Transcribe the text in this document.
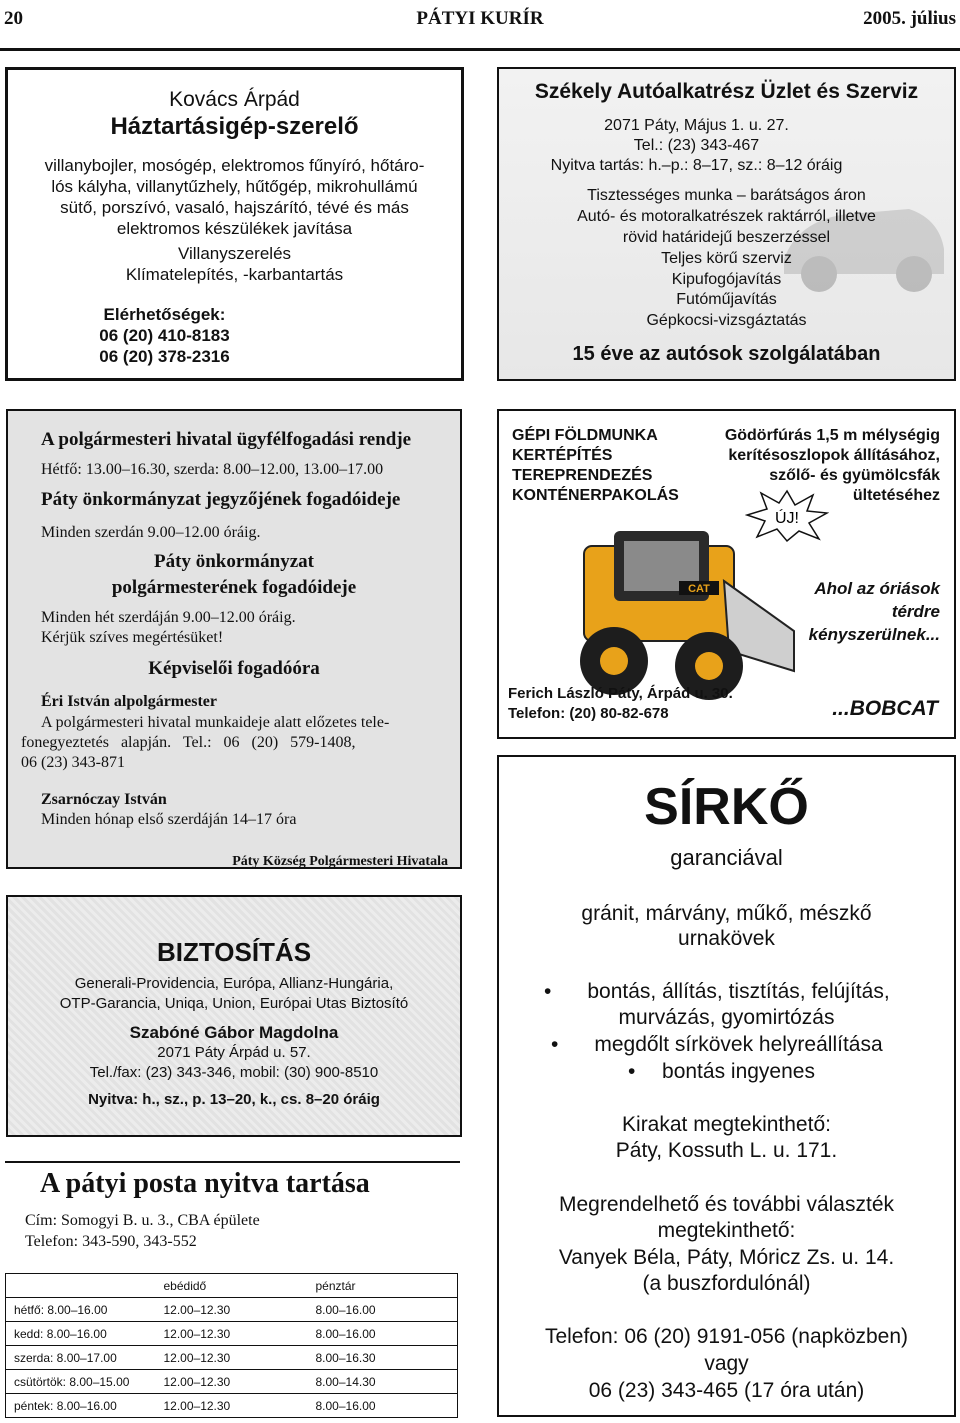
20	PÁTYI KURÍR	2005. július
Kovács Árpád
Háztartásigép-szerelő
villanybojler, mosógép, elektromos fűnyíró, hőtáro-
lós kályha, villanytűzhely, hűtőgép, mikrohullámú
sütő, porszívó, vasaló, hajszárító, tévé és más
elektromos készülékek javítása
Villanyszerelés
Klímatelepítés, -karbantartás
Elérhetőségek:
06 (20) 410-8183
06 (20) 378-2316
Székely Autóalkatrész Üzlet és Szerviz
2071 Páty, Május 1. u. 27.
Tel.: (23) 343-467
Nyitva tartás: h.–p.: 8–17, sz.: 8–12 óráig
Tisztességes munka – barátságos áron
Autó- és motoralkatrészek raktárról, illetve
rövid határidejű beszerzéssel
Teljes körű szerviz
Kipufogójavítás
Futóműjavítás
Gépkocsi-vizsgáztatás
15 éve az autósok szolgálatában
A polgármesteri hivatal ügyfélfogadási rendje
Hétfő: 13.00–16.30, szerda: 8.00–12.00, 13.00–17.00
Páty önkormányzat jegyzőjének fogadóideje
Minden szerdán 9.00–12.00 óráig.
Páty önkormányzat
polgármesterének fogadóideje
Minden hét szerdáján 9.00–12.00 óráig.
Kérjük szíves megértésüket!
Képviselői fogadóóra
Éri István alpolgármester
A polgármesteri hivatal munkaideje alatt előzetes tele-
fonegyeztetés alapján. Tel.: 06 (20) 579-1408,
06 (23) 343-871
Zsarnóczay István
Minden hónap első szerdáján 14–17 óra
Páty Község Polgármesteri Hivatala
GÉPI FÖLDMUNKA
KERTÉPÍTÉS
TEREPRENDEZÉS
KONTÉNERPAKOLÁS
Gödörfúrás 1,5 m mélységig
kerítésoszlopok állításához,
szőlő- és gyümölcsfák
ültetéséhez
ÚJ!
CAT	Ahol az óriások
térdre
kényszerülnek...
Ferich László Páty, Árpád u. 30.
Telefon: (20) 80-82-678	...BOBCAT
BIZTOSÍTÁS
Generali-Providencia, Európa, Allianz-Hungária,
OTP-Garancia, Uniqa, Union, Európai Utas Biztosító
Szabóné Gábor Magdolna
2071 Páty Árpád u. 57.
Tel./fax: (23) 343-346, mobil: (30) 900-8510
Nyitva: h., sz., p. 13–20, k., cs. 8–20 óráig
A pátyi posta nyitva tartása
Cím: Somogyi B. u. 3., CBA épülete
Telefon: 343-590, 343-552
	ebédidő	pénztár
hétfő: 8.00–16.00	12.00–12.30	8.00–16.00
kedd: 8.00–16.00	12.00–12.30	8.00–16.00
szerda: 8.00–17.00	12.00–12.30	8.00–16.30
csütörtök: 8.00–15.00	12.00–12.30	8.00–14.30
péntek: 8.00–16.00	12.00–12.30	8.00–16.00
SÍRKŐ
garanciával
gránit, márvány, műkő, mészkő
urnakövek
•	bontás, állítás, tisztítás, felújítás,
murvázás, gyomirtózás
•	megdőlt sírkövek helyreállítása
•	bontás ingyenes
Kirakat megtekinthető:
Páty, Kossuth L. u. 171.
Megrendelhető és további választék
megtekinthető:
Vanyek Béla, Páty, Móricz Zs. u. 14.
(a buszfordulónál)
Telefon: 06 (20) 9191-056 (napközben)
vagy
06 (23) 343-465 (17 óra után)
